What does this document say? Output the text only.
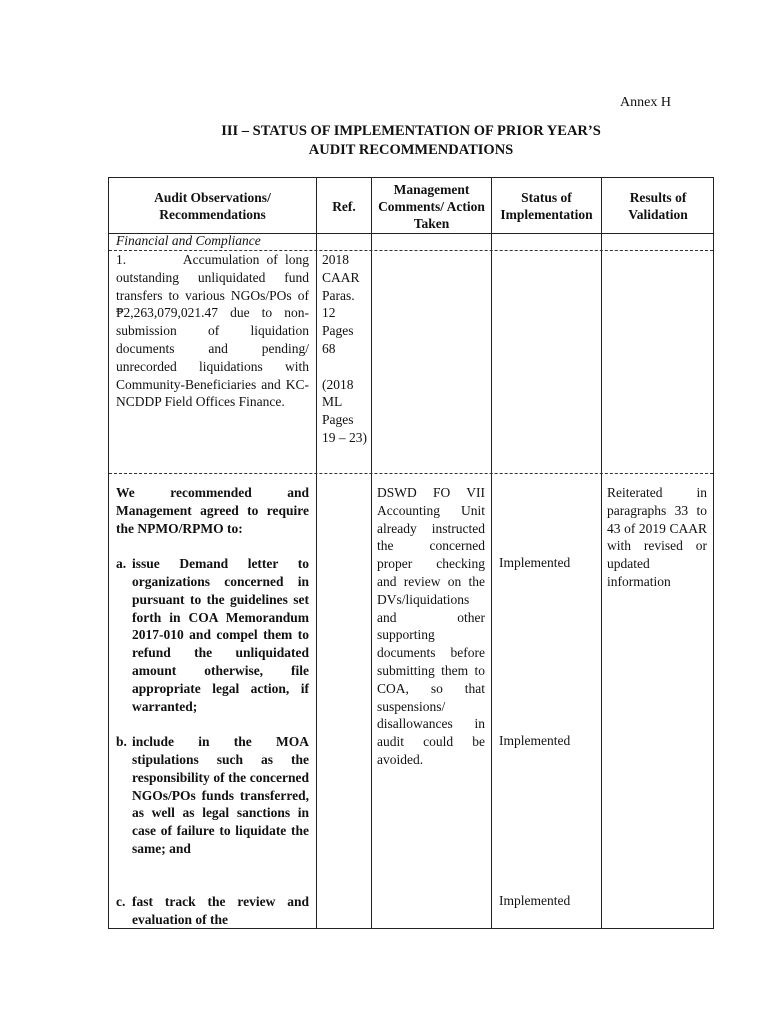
Annex H
III – STATUS OF IMPLEMENTATION OF PRIOR YEAR’S
AUDIT RECOMMENDATIONS
Audit Observations/ Recommendations
Ref.
Management Comments/ Action Taken
Status of Implementation
Results of Validation
Financial and Compliance
1.        Accumulation of long outstanding unliquidated fund transfers to various NGOs/POs of ₱2,263,079,021.47 due to non-submission of liquidation documents and pending/ unrecorded liquidations with Community-Beneficiaries and KC-NCDDP Field Offices Finance.
2018 CAAR Paras. 12 Pages 68
(2018 ML Pages 19 – 23)
We recommended and Management agreed to require the NPMO/RPMO to:
a. issue Demand letter to organizations concerned in pursuant to the guidelines set forth in COA Memorandum 2017-010 and compel them to refund the unliquidated amount otherwise, file appropriate legal action, if warranted;
b. include in the MOA stipulations such as the responsibility of the concerned NGOs/POs funds transferred, as well as legal sanctions in case of failure to liquidate the same; and
c. fast track the review and evaluation of the
DSWD FO VII Accounting Unit already instructed the concerned proper checking and review on the DVs/liquidations and other supporting documents before submitting them to COA, so that suspensions/ disallowances in audit could be avoided.
Implemented
Implemented
Implemented
Reiterated in paragraphs 33 to 43 of 2019 CAAR with revised or updated information
